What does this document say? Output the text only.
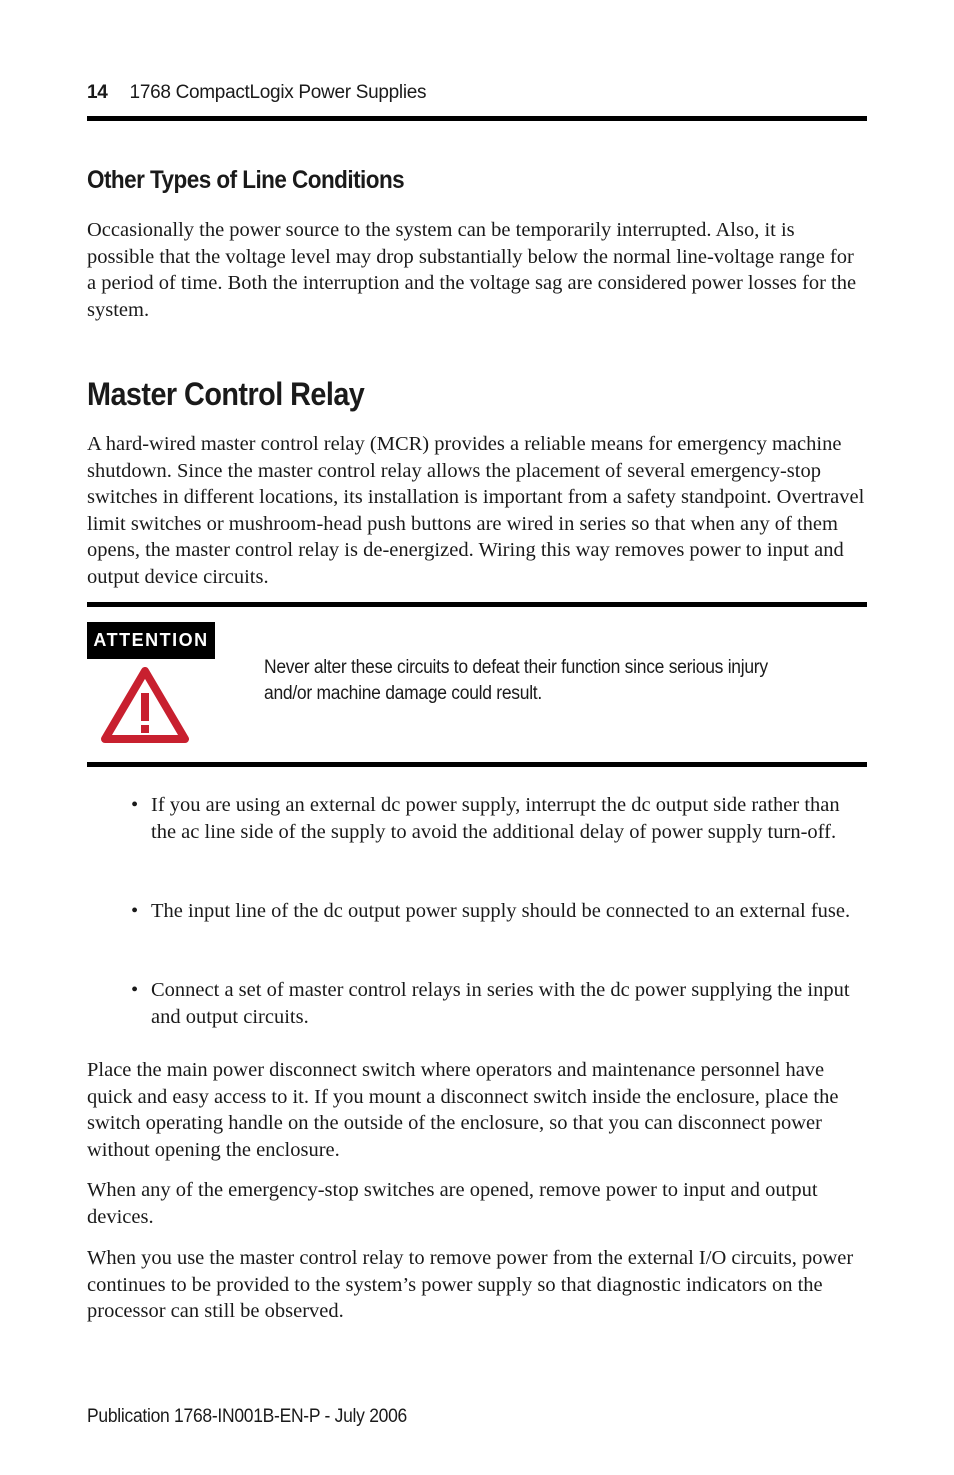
14 1768 CompactLogix Power Supplies
Other Types of Line Conditions

Occasionally the power source to the system can be temporarily interrupted. Also, it is possible that the voltage level may drop substantially below the normal line-voltage range for a period of time. Both the interruption and the voltage sag are considered power losses for the system.

Master Control Relay

A hard-wired master control relay (MCR) provides a reliable means for emergency machine shutdown. Since the master control relay allows the placement of several emergency-stop switches in different locations, its installation is important from a safety standpoint. Overtravel limit switches or mushroom-head push buttons are wired in series so that when any of them opens, the master control relay is de-energized. Wiring this way removes power to input and output device circuits.

ATTENTION
Never alter these circuits to defeat their function since serious injury and/or machine damage could result.
• If you are using an external dc power supply, interrupt the dc output side rather than the ac line side of the supply to avoid the additional delay of power supply turn-off.
• The input line of the dc output power supply should be connected to an external fuse.
• Connect a set of master control relays in series with the dc power supplying the input and output circuits.

Place the main power disconnect switch where operators and maintenance personnel have quick and easy access to it. If you mount a disconnect switch inside the enclosure, place the switch operating handle on the outside of the enclosure, so that you can disconnect power without opening the enclosure.

When any of the emergency-stop switches are opened, remove power to input and output devices.

When you use the master control relay to remove power from the external I/O circuits, power continues to be provided to the system’s power supply so that diagnostic indicators on the processor can still be observed.

Publication 1768-IN001B-EN-P - July 2006
